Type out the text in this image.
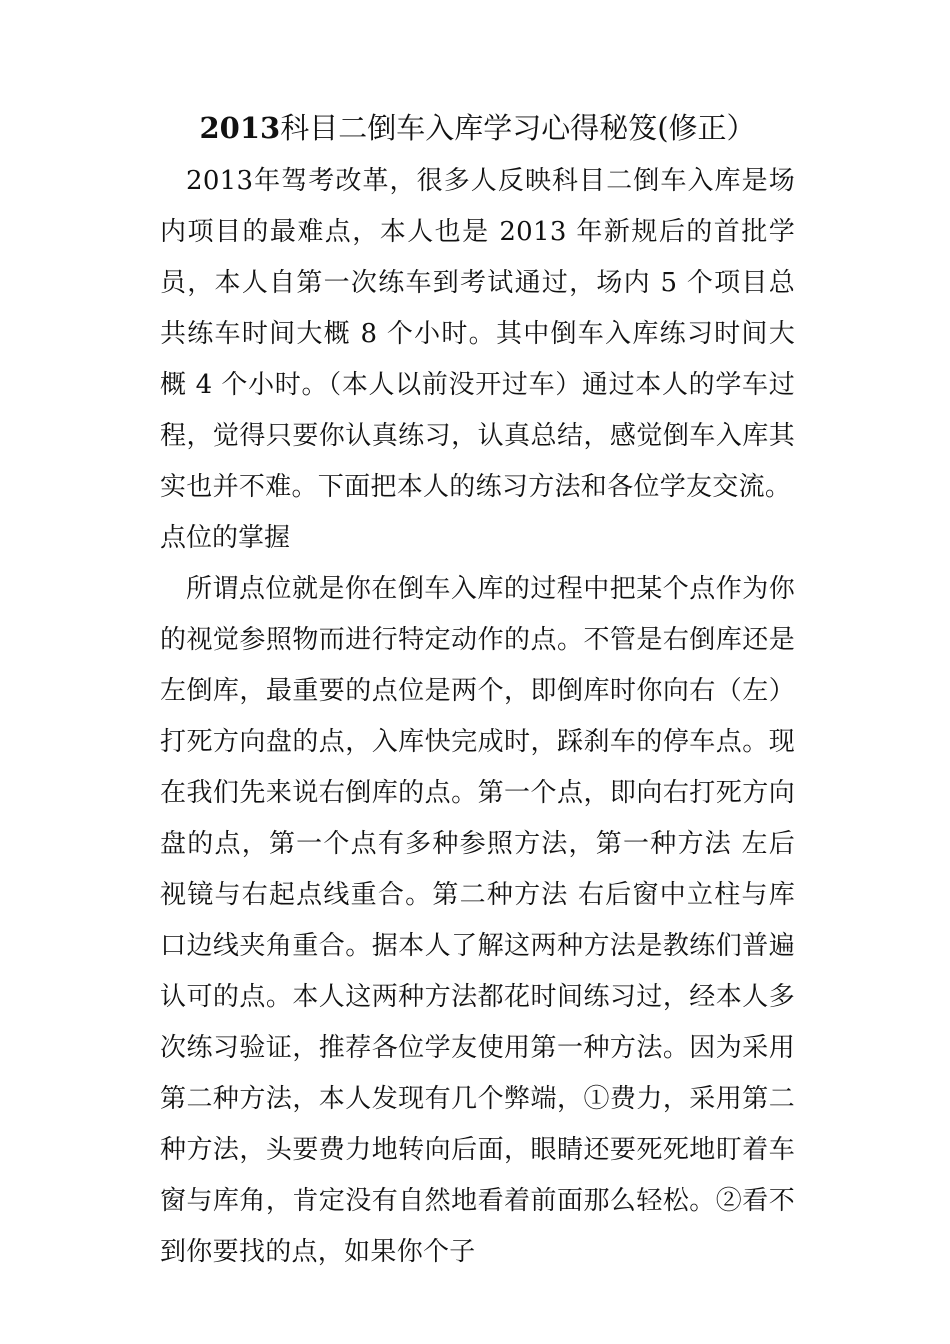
2013科目二倒车入库学习心得秘笈(修正）

2013年驾考改革，很多人反映科目二倒车入库是场内项目的最难点，本人也是 2013 年新规后的首批学员，本人自第一次练车到考试通过，场内 5 个项目总共练车时间大概 8 个小时。其中倒车入库练习时间大概 4 个小时。（本人以前没开过车）通过本人的学车过程，觉得只要你认真练习，认真总结，感觉倒车入库其实也并不难。下面把本人的练习方法和各位学友交流。

点位的掌握

所谓点位就是你在倒车入库的过程中把某个点作为你的视觉参照物而进行特定动作的点。不管是右倒库还是左倒库，最重要的点位是两个，即倒库时你向右（左）打死方向盘的点，入库快完成时，踩刹车的停车点。现在我们先来说右倒库的点。第一个点，即向右打死方向盘的点，第一个点有多种参照方法，第一种方法 左后视镜与右起点线重合。第二种方法 右后窗中立柱与库口边线夹角重合。据本人了解这两种方法是教练们普遍认可的点。本人这两种方法都花时间练习过，经本人多次练习验证，推荐各位学友使用第一种方法。因为采用第二种方法，本人发现有几个弊端，①费力，采用第二种方法，头要费力地转向后面，眼睛还要死死地盯着车窗与库角，肯定没有自然地看着前面那么轻松。②看不到你要找的点，如果你个子
